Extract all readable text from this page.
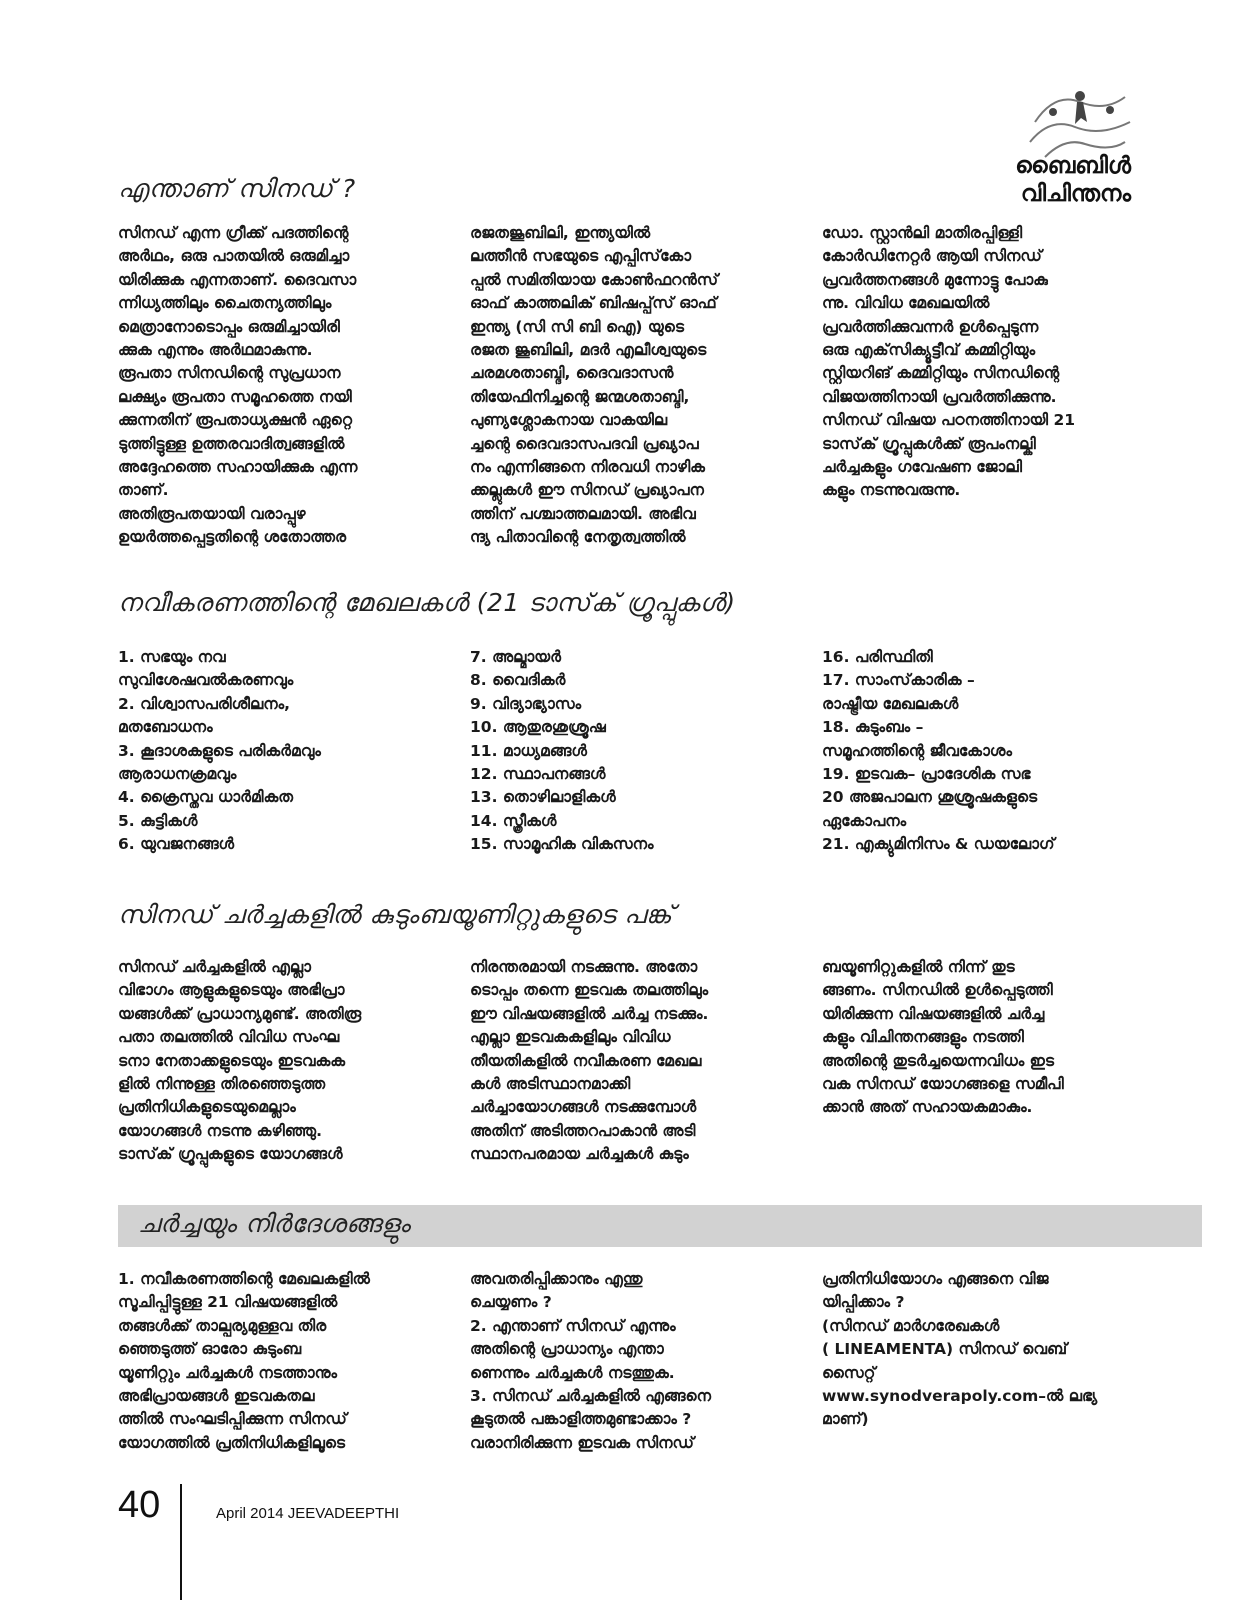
ബൈബിൾ
വിചിന്തനം
എന്താണ് സിനഡ് ?
സിനഡ് എന്ന ഗ്രീക്ക് പദത്തിന്റെ
അർഥം, ഒരു പാതയിൽ ഒരുമിച്ചാ
യിരിക്കുക എന്നതാണ്. ദൈവസാ
ന്നിധ്യത്തിലും ചൈതന്യത്തിലും
മെത്രാനോടൊപ്പം ഒരുമിച്ചായിരി
ക്കുക എന്നും അർഥമാകുന്നു.
രൂപതാ സിനഡിന്റെ സുപ്രധാന
ലക്ഷ്യം രൂപതാ സമൂഹത്തെ നയി
ക്കുന്നതിന് രൂപതാധ്യക്ഷൻ ഏറ്റെ
ടുത്തിട്ടുള്ള ഉത്തരവാദിത്വങ്ങളിൽ
അദ്ദേഹത്തെ സഹായിക്കുക എന്ന
താണ്.
അതിരൂപതയായി വരാപ്പുഴ
ഉയർത്തപ്പെട്ടതിന്റെ ശതോത്തര
രജതജൂബിലി, ഇന്ത്യയിൽ
ലത്തീൻ സഭയുടെ എപ്പിസ്‌കോ
പ്പൽ സമിതിയായ കോൺഫറൻസ്
ഓഫ് കാത്തലിക് ബിഷപ്പ്‌സ് ഓഫ്
ഇന്ത്യ (സി സി ബി ഐ) യുടെ
രജത ജൂബിലി, മദർ എലീശ്വയുടെ
ചരമശതാബ്ദി, ദൈവദാസൻ
തിയേഫിനിച്ചന്റെ ജന്മശതാബ്ദി,
പുണ്യശ്ലോകനായ വാകയില
ച്ചന്റെ ദൈവദാസപദവി പ്രഖ്യാപ
നം എന്നിങ്ങനെ നിരവധി നാഴിക
ക്കല്ലുകൾ ഈ സിനഡ് പ്രഖ്യാപന
ത്തിന് പശ്ചാത്തലമായി. അഭിവ
ന്ദ്യ പിതാവിന്റെ നേതൃത്വത്തിൽ
ഡോ. സ്റ്റാൻലി മാതിരപ്പിള്ളി
കോർഡിനേറ്റർ ആയി സിനഡ്
പ്രവർത്തനങ്ങൾ മുന്നോട്ടു പോകു
ന്നു. വിവിധ മേഖലയിൽ
പ്രവർത്തിക്കുവന്നർ ഉൾപ്പെടുന്ന
ഒരു എക്‌സിക്യൂട്ടീവ് കമ്മിറ്റിയും
സ്റ്റിയറിങ് കമ്മിറ്റിയും സിനഡിന്റെ
വിജയത്തിനായി പ്രവർത്തിക്കുന്നു.
സിനഡ് വിഷയ പഠനത്തിനായി 21
ടാസ്‌ക് ഗ്രൂപ്പുകൾക്ക് രൂപംനല്കി
ചർച്ചകളും ഗവേഷണ ജോലി
കളും നടന്നുവരുന്നു.
നവീകരണത്തിന്റെ മേഖലകൾ (21 ടാസ്‌ക് ഗ്രൂപ്പുകൾ)
1. സഭയും നവ
സുവിശേഷവൽകരണവും
2. വിശ്വാസപരിശീലനം,
മതബോധനം
3. കൂദാശകളുടെ പരികർമവും
ആരാധനക്രമവും
4. ക്രൈസ്തവ ധാർമികത
5. കുട്ടികൾ
6. യുവജനങ്ങൾ
7. അല്മായർ
8. വൈദികർ
9. വിദ്യാഭ്യാസം
10. ആതുരശുശ്രൂഷ
11. മാധ്യമങ്ങൾ
12. സ്ഥാപനങ്ങൾ
13. തൊഴിലാളികൾ
14. സ്ത്രീകൾ
15. സാമൂഹിക വികസനം
16. പരിസ്ഥിതി
17. സാംസ്‌കാരിക –
രാഷ്ട്രീയ മേഖലകൾ
18. കുടുംബം –
സമൂഹത്തിന്റെ ജീവകോശം
19. ഇടവക– പ്രാദേശിക സഭ
20 അജപാലന ശുശ്രൂഷകളുടെ
ഏകോപനം
21. എക്യുമിനിസം & ഡയലോഗ്
സിനഡ് ചർച്ചകളിൽ കുടുംബയൂണിറ്റുകളുടെ പങ്ക്
സിനഡ് ചർച്ചകളിൽ എല്ലാ
വിഭാഗം ആളുകളുടെയും അഭിപ്രാ
യങ്ങൾക്ക് പ്രാധാന്യമുണ്ട്. അതിരൂ
പതാ തലത്തിൽ വിവിധ സംഘ
ടനാ നേതാക്കളുടെയും ഇടവകക
ളിൽ നിന്നുള്ള തിരഞ്ഞെടുത്ത
പ്രതിനിധികളുടെയുമെല്ലാം
യോഗങ്ങൾ നടന്നു കഴിഞ്ഞു.
ടാസ്‌ക് ഗ്രൂപ്പുകളുടെ യോഗങ്ങൾ
നിരന്തരമായി നടക്കുന്നു. അതോ
ടൊപ്പം തന്നെ ഇടവക തലത്തിലും
ഈ വിഷയങ്ങളിൽ ചർച്ച നടക്കും.
എല്ലാ ഇടവകകളിലും വിവിധ
തീയതികളിൽ നവീകരണ മേഖല
കൾ അടിസ്ഥാനമാക്കി
ചർച്ചായോഗങ്ങൾ നടക്കുമ്പോൾ
അതിന് അടിത്തറപാകാൻ അടി
സ്ഥാനപരമായ ചർച്ചകൾ കുടും
ബയൂണിറ്റുകളിൽ നിന്ന് തുട
ങ്ങണം. സിനഡിൽ ഉൾപ്പെടുത്തി
യിരിക്കുന്ന വിഷയങ്ങളിൽ ചർച്ച
കളും വിചിന്തനങ്ങളും നടത്തി
അതിന്റെ തുടർച്ചയെന്നവിധം ഇട
വക സിനഡ് യോഗങ്ങളെ സമീപി
ക്കാൻ അത് സഹായകമാകും.
ചർച്ചയും നിർദേശങ്ങളും
1. നവീകരണത്തിന്റെ മേഖലകളിൽ
സൂചിപ്പിട്ടുള്ള 21 വിഷയങ്ങളിൽ
തങ്ങൾക്ക് താല്പര്യമുള്ളവ തിര
ഞ്ഞെടുത്ത് ഓരോ കുടുംബ
യൂണിറ്റും ചർച്ചകൾ നടത്താനും
അഭിപ്രായങ്ങൾ ഇടവകതല
ത്തിൽ സംഘടിപ്പിക്കുന്ന സിനഡ്
യോഗത്തിൽ പ്രതിനിധികളിലൂടെ
അവതരിപ്പിക്കാനും എന്തു
ചെയ്യണം ?
2. എന്താണ് സിനഡ് എന്നും
അതിന്റെ പ്രാധാന്യം എന്താ
ണെന്നും ചർച്ചകൾ നടത്തുക.
3. സിനഡ് ചർച്ചകളിൽ എങ്ങനെ
കൂടുതൽ പങ്കാളിത്തമുണ്ടാക്കാം ?
വരാനിരിക്കുന്ന ഇടവക സിനഡ്
പ്രതിനിധിയോഗം എങ്ങനെ വിജ
യിപ്പിക്കാം ?
(സിനഡ് മാർഗരേഖകൾ
( LINEAMENTA) സിനഡ് വെബ്
സൈറ്റ്
www.synodverapoly.com–ൽ ലഭ്യ
മാണ്)
40	April 2014 JEEVADEEPTHI
